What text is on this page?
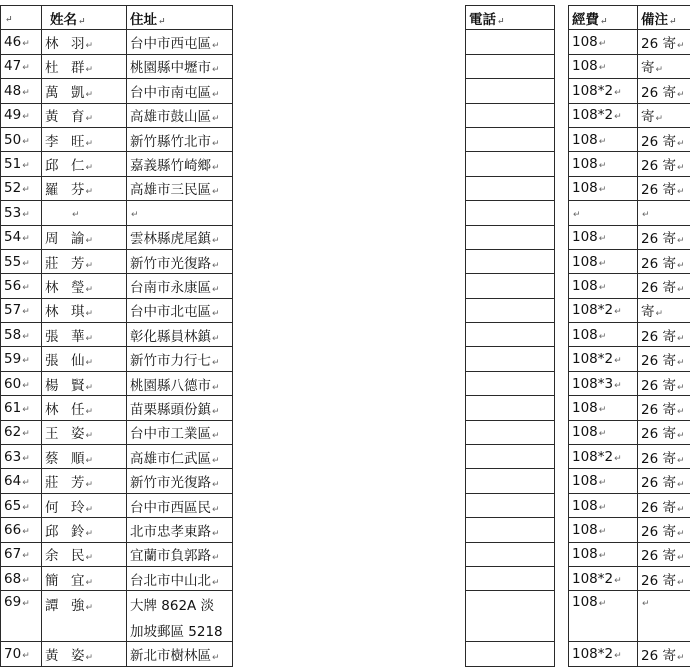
↵	姓名↵	住址↵		電話↵		經費↵	備注↵
46↵	林 羽↵	台中市西屯區↵				108↵	26 寄↵
47↵	杜 群↵	桃園縣中壢市↵				108↵	寄↵
48↵	萬 凱↵	台中市南屯區↵				108*2↵	26 寄↵
49↵	黃 育↵	高雄市鼓山區↵				108*2↵	寄↵
50↵	李 旺↵	新竹縣竹北市↵				108↵	26 寄↵
51↵	邱 仁↵	嘉義縣竹崎鄉↵				108↵	26 寄↵
52↵	羅 芬↵	高雄市三民區↵				108↵	26 寄↵
53↵	↵	↵				↵	↵
54↵	周 諭↵	雲林縣虎尾鎮↵				108↵	26 寄↵
55↵	莊 芳↵	新竹市光復路↵				108↵	26 寄↵
56↵	林 瑩↵	台南市永康區↵				108↵	26 寄↵
57↵	林 琪↵	台中市北屯區↵				108*2↵	寄↵
58↵	張 華↵	彰化縣員林鎮↵				108↵	26 寄↵
59↵	張 仙↵	新竹市力行七↵				108*2↵	26 寄↵
60↵	楊 賢↵	桃園縣八德市↵				108*3↵	26 寄↵
61↵	林 任↵	苗栗縣頭份鎮↵				108↵	26 寄↵
62↵	王 姿↵	台中市工業區↵				108↵	26 寄↵
63↵	蔡 順↵	高雄市仁武區↵				108*2↵	26 寄↵
64↵	莊 芳↵	新竹市光復路↵				108↵	26 寄↵
65↵	何 玲↵	台中市西區民↵				108↵	26 寄↵
66↵	邱 鈴↵	北市忠孝東路↵				108↵	26 寄↵
67↵	余 民↵	宜蘭市負郭路↵				108↵	26 寄↵
68↵	簡 宜↵	台北市中山北↵				108*2↵	26 寄↵
69↵	譚 強↵	大牌 862A 淡
加坡郵區 5218				108↵	↵
70↵	黃 姿↵	新北市樹林區↵				108*2↵	26 寄↵
